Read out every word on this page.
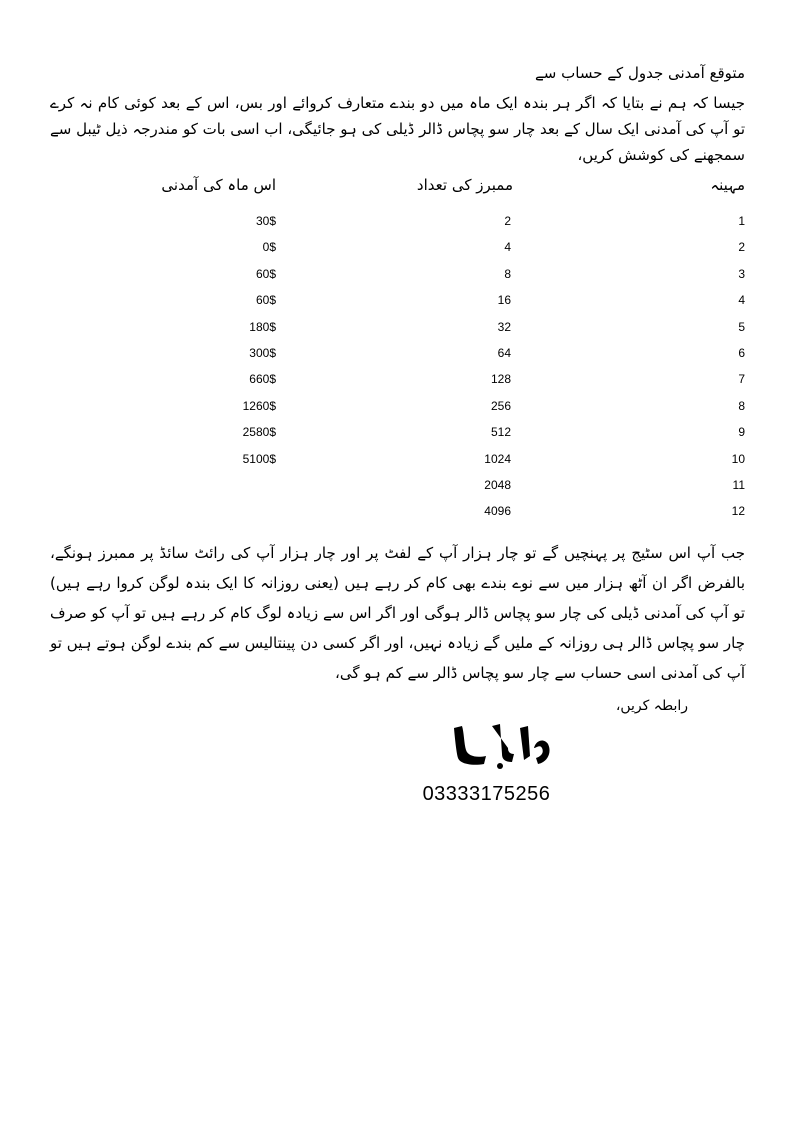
متوقع آمدنی جدول کے حساب سے
جیسا کہ ہم نے بتایا کہ اگر ہر بندہ ایک ماہ میں دو بندے متعارف کروائے اور بس، اس کے بعد کوئی کام نہ کرے تو آپ کی آمدنی ایک سال کے بعد چار سو پچاس ڈالر ڈیلی کی ہو جائیگی، اب اسی بات کو مندرجہ ذیل ٹیبل سے سمجھنے کی کوشش کریں،
مہینہ
ممبرز کی تعداد
اس ماہ کی آمدنی
1
2
30$
2
4
0$
3
8
60$
4
16
60$
5
32
180$
6
64
300$
7
128
660$
8
256
1260$
9
512
2580$
10
1024
5100$
11
2048
12
4096
جب آپ اس سٹیج پر پہنچیں گے تو چار ہزار آپ کے لفٹ پر اور چار ہزار آپ کی رائٹ سائڈ پر ممبرز ہونگے، بالفرض اگر ان آٹھ ہزار میں سے نوے بندے بھی کام کر رہے ہیں (یعنی روزانہ کا ایک بندہ لوگن کروا رہے ہیں) تو آپ کی آمدنی ڈیلی کی چار سو پچاس ڈالر ہوگی اور اگر اس سے زیادہ لوگ کام کر رہے ہیں تو آپ کو صرف چار سو پچاس ڈالر ہی روزانہ کے ملیں گے زیادہ نہیں، اور اگر کسی دن پینتالیس سے کم بندے لوگن ہوتے ہیں تو آپ کی آمدنی اسی حساب سے چار سو پچاس ڈالر سے کم ہو گی،
رابطہ کریں،
03333175256
